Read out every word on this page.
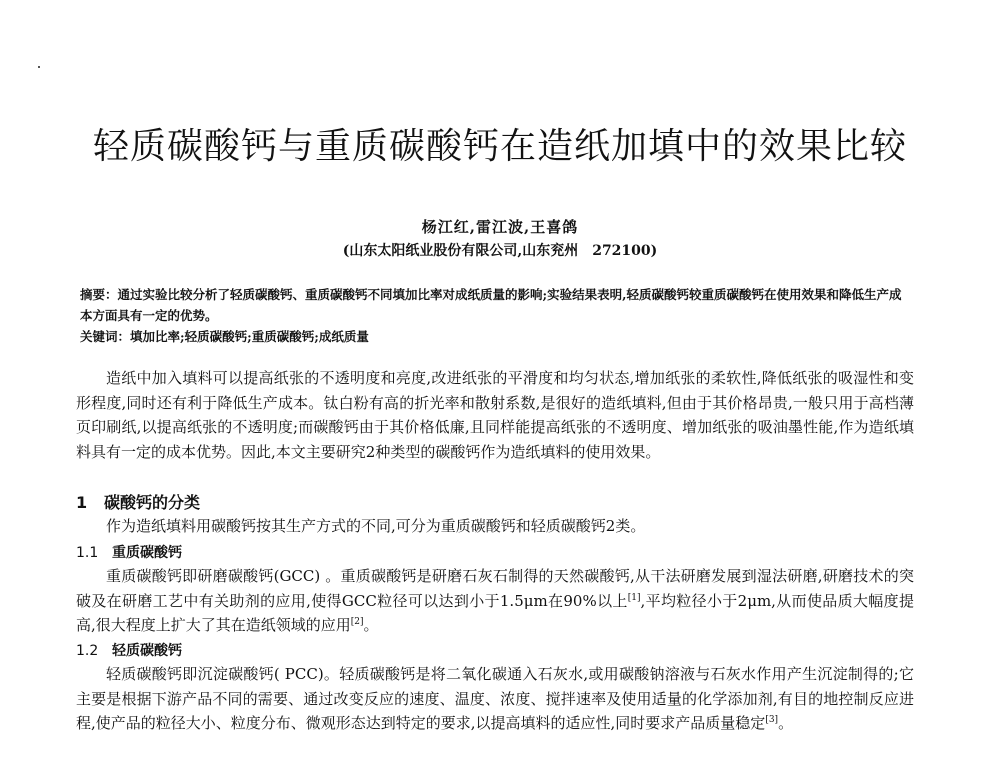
轻质碳酸钙与重质碳酸钙在造纸加填中的效果比较
杨江红,雷江波,王喜鸽
(山东太阳纸业股份有限公司,山东兖州　272100)
摘要：通过实验比较分析了轻质碳酸钙、重质碳酸钙不同填加比率对成纸质量的影响;实验结果表明,轻质碳酸钙较重质碳酸钙在使用效果和降低生产成本方面具有一定的优势。
关键词：填加比率;轻质碳酸钙;重质碳酸钙;成纸质量
造纸中加入填料可以提高纸张的不透明度和亮度,改进纸张的平滑度和均匀状态,增加纸张的柔软性,降低纸张的吸湿性和变形程度,同时还有利于降低生产成本。钛白粉有高的折光率和散射系数,是很好的造纸填料,但由于其价格昂贵,一般只用于高档薄页印刷纸,以提高纸张的不透明度;而碳酸钙由于其价格低廉,且同样能提高纸张的不透明度、增加纸张的吸油墨性能,作为造纸填料具有一定的成本优势。因此,本文主要研究2种类型的碳酸钙作为造纸填料的使用效果。
1 碳酸钙的分类
作为造纸填料用碳酸钙按其生产方式的不同,可分为重质碳酸钙和轻质碳酸钙2类。
1.1 重质碳酸钙
重质碳酸钙即研磨碳酸钙(GCC) 。重质碳酸钙是研磨石灰石制得的天然碳酸钙,从干法研磨发展到湿法研磨,研磨技术的突破及在研磨工艺中有关助剂的应用,使得GCC粒径可以达到小于1.5μm在90%以上[1],平均粒径小于2μm,从而使品质大幅度提高,很大程度上扩大了其在造纸领域的应用[2]。
1.2 轻质碳酸钙
轻质碳酸钙即沉淀碳酸钙( PCC)。轻质碳酸钙是将二氧化碳通入石灰水,或用碳酸钠溶液与石灰水作用产生沉淀制得的;它主要是根据下游产品不同的需要、通过改变反应的速度、温度、浓度、搅拌速率及使用适量的化学添加剂,有目的地控制反应进程,使产品的粒径大小、粒度分布、微观形态达到特定的要求,以提高填料的适应性,同时要求产品质量稳定[3]。
